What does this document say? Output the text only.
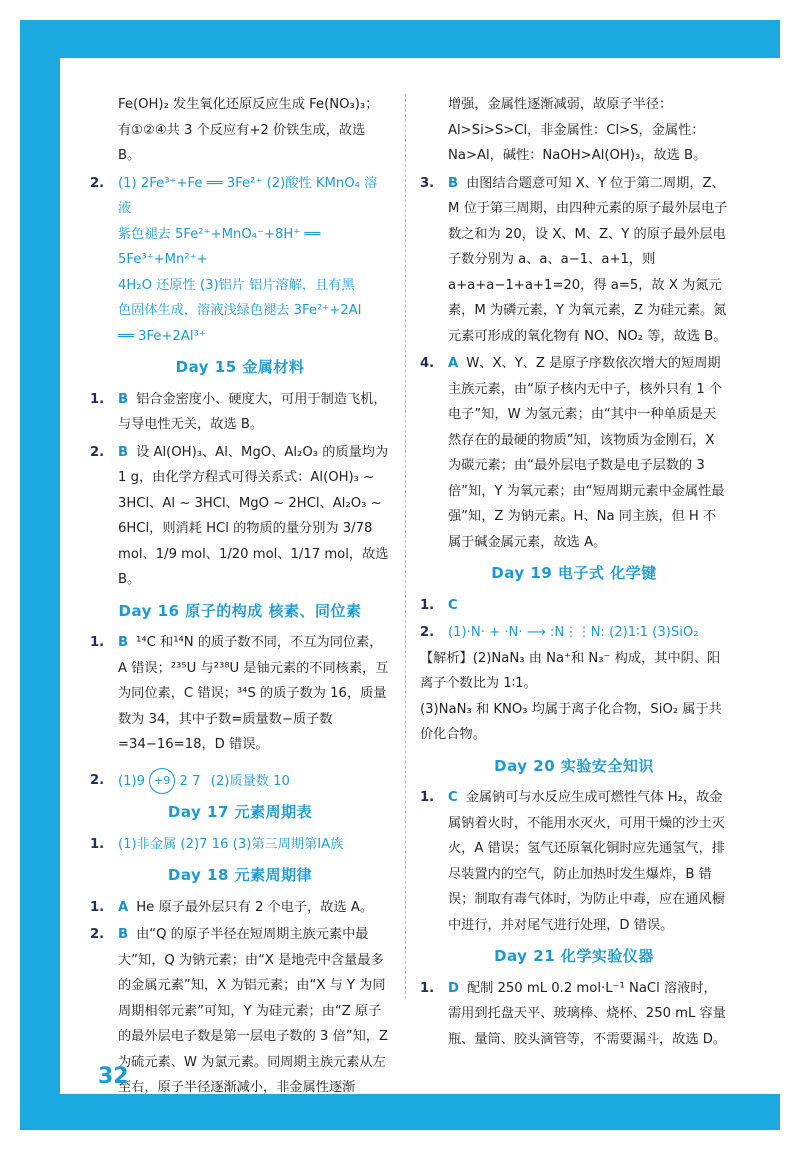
Fe(OH)₂ 发生氧化还原反应生成 Fe(NO₃)₃；
有①②④共 3 个反应有+2 价铁生成，故选 B。
2. (1) 2Fe³⁺+Fe ══ 3Fe²⁺ (2)酸性 KMnO₄ 溶液
紫色褪去 5Fe²⁺+MnO₄⁻+8H⁺ ══ 5Fe³⁺+Mn²⁺+
4H₂O 还原性 (3)铝片 铝片溶解，且有黑
色固体生成，溶液浅绿色褪去 3Fe²⁺+2Al
══ 3Fe+2Al³⁺
Day 15 金属材料
1. B 铝合金密度小、硬度大，可用于制造飞机，与导电性无关，故选 B。
2. B 设 Al(OH)₃、Al、MgO、Al₂O₃ 的质量均为 1 g，由化学方程式可得关系式：Al(OH)₃ ~ 3HCl、Al ~ 3HCl、MgO ~ 2HCl、Al₂O₃ ~ 6HCl，则消耗 HCl 的物质的量分别为 3/78 mol、1/9 mol、1/20 mol、1/17 mol，故选 B。
Day 16 原子的构成 核素、同位素
1. B ¹⁴C 和¹⁴N 的质子数不同，不互为同位素，A 错误；²³⁵U 与²³⁸U 是铀元素的不同核素，互为同位素，C 错误；³⁴S 的质子数为 16，质量数为 34，其中子数=质量数−质子数=34−16=18，D 错误。
2. (1)9 +9 2 7 (2)质量数 10
Day 17 元素周期表
1. (1)非金属 (2)7 16 (3)第三周期第ⅠA族
Day 18 元素周期律
1. A He 原子最外层只有 2 个电子，故选 A。
2. B 由“Q 的原子半径在短周期主族元素中最大”知，Q 为钠元素；由“X 是地壳中含量最多的金属元素”知，X 为铝元素；由“X 与 Y 为同周期相邻元素”可知，Y 为硅元素；由“Z 原子的最外层电子数是第一层电子数的 3 倍”知，Z 为硫元素、W 为氯元素。同周期主族元素从左至右，原子半径逐渐减小，非金属性逐渐
增强，金属性逐渐减弱，故原子半径：Al>Si>S>Cl，非金属性：Cl>S，金属性：Na>Al，碱性：NaOH>Al(OH)₃，故选 B。
3. B 由图结合题意可知 X、Y 位于第二周期，Z、M 位于第三周期，由四种元素的原子最外层电子数之和为 20，设 X、M、Z、Y 的原子最外层电子数分别为 a、a、a−1、a+1，则 a+a+a−1+a+1=20，得 a=5，故 X 为氮元素，M 为磷元素，Y 为氧元素，Z 为硅元素。氮元素可形成的氧化物有 NO、NO₂ 等，故选 B。
4. A W、X、Y、Z 是原子序数依次增大的短周期主族元素，由“原子核内无中子，核外只有 1 个电子”知，W 为氢元素；由“其中一种单质是天然存在的最硬的物质”知，该物质为金刚石，X 为碳元素；由“最外层电子数是电子层数的 3 倍”知，Y 为氧元素；由“短周期元素中金属性最强”知，Z 为钠元素。H、Na 同主族，但 H 不属于碱金属元素，故选 A。
Day 19 电子式 化学键
1. C
2. (1)·N· + ·N· ⟶ :N⋮⋮N: (2)1∶1 (3)SiO₂
【解析】(2)NaN₃ 由 Na⁺和 N₃⁻ 构成，其中阴、阳离子个数比为 1∶1。
(3)NaN₃ 和 KNO₃ 均属于离子化合物，SiO₂ 属于共价化合物。
Day 20 实验安全知识
1. C 金属钠可与水反应生成可燃性气体 H₂，故金属钠着火时，不能用水灭火，可用干燥的沙土灭火，A 错误；氢气还原氧化铜时应先通氢气，排尽装置内的空气，防止加热时发生爆炸，B 错误；制取有毒气体时，为防止中毒，应在通风橱中进行，并对尾气进行处理，D 错误。
Day 21 化学实验仪器
1. D 配制 250 mL 0.2 mol·L⁻¹ NaCl 溶液时，需用到托盘天平、玻璃棒、烧杯、250 mL 容量瓶、量筒、胶头滴管等，不需要漏斗，故选 D。
32
